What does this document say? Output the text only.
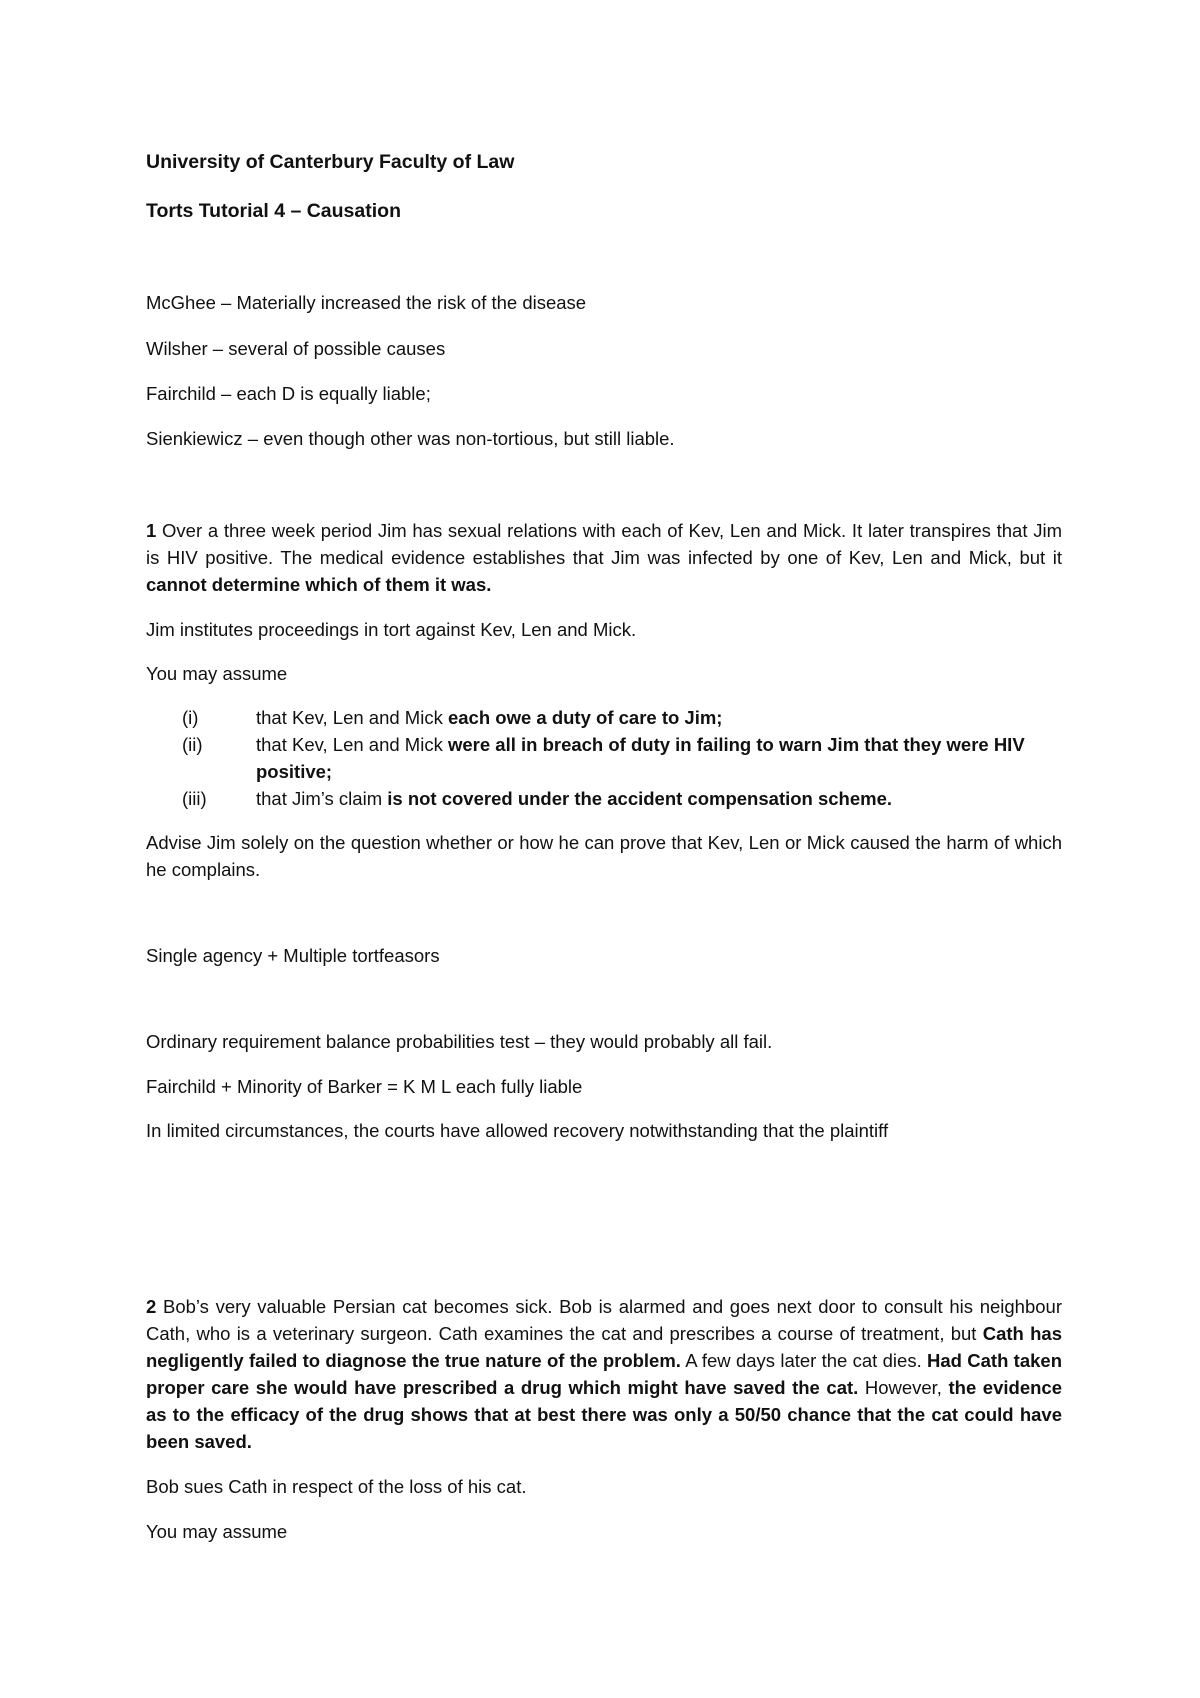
University of Canterbury Faculty of Law
Torts Tutorial 4 – Causation
McGhee – Materially increased the risk of the disease
Wilsher – several of possible causes
Fairchild – each D is equally liable;
Sienkiewicz – even though other was non-tortious, but still liable.
1 Over a three week period Jim has sexual relations with each of Kev, Len and Mick. It later transpires that Jim is HIV positive. The medical evidence establishes that Jim was infected by one of Kev, Len and Mick, but it cannot determine which of them it was.
Jim institutes proceedings in tort against Kev, Len and Mick.
You may assume
(i)	that Kev, Len and Mick each owe a duty of care to Jim;
(ii)	that Kev, Len and Mick were all in breach of duty in failing to warn Jim that they were HIV positive;
(iii)	that Jim’s claim is not covered under the accident compensation scheme.
Advise Jim solely on the question whether or how he can prove that Kev, Len or Mick caused the harm of which he complains.
Single agency + Multiple tortfeasors
Ordinary requirement balance probabilities test – they would probably all fail.
Fairchild + Minority of Barker = K M L each fully liable
In limited circumstances, the courts have allowed recovery notwithstanding that the plaintiff
2 Bob’s very valuable Persian cat becomes sick. Bob is alarmed and goes next door to consult his neighbour Cath, who is a veterinary surgeon. Cath examines the cat and prescribes a course of treatment, but Cath has negligently failed to diagnose the true nature of the problem. A few days later the cat dies. Had Cath taken proper care she would have prescribed a drug which might have saved the cat. However, the evidence as to the efficacy of the drug shows that at best there was only a 50/50 chance that the cat could have been saved.
Bob sues Cath in respect of the loss of his cat.
You may assume
